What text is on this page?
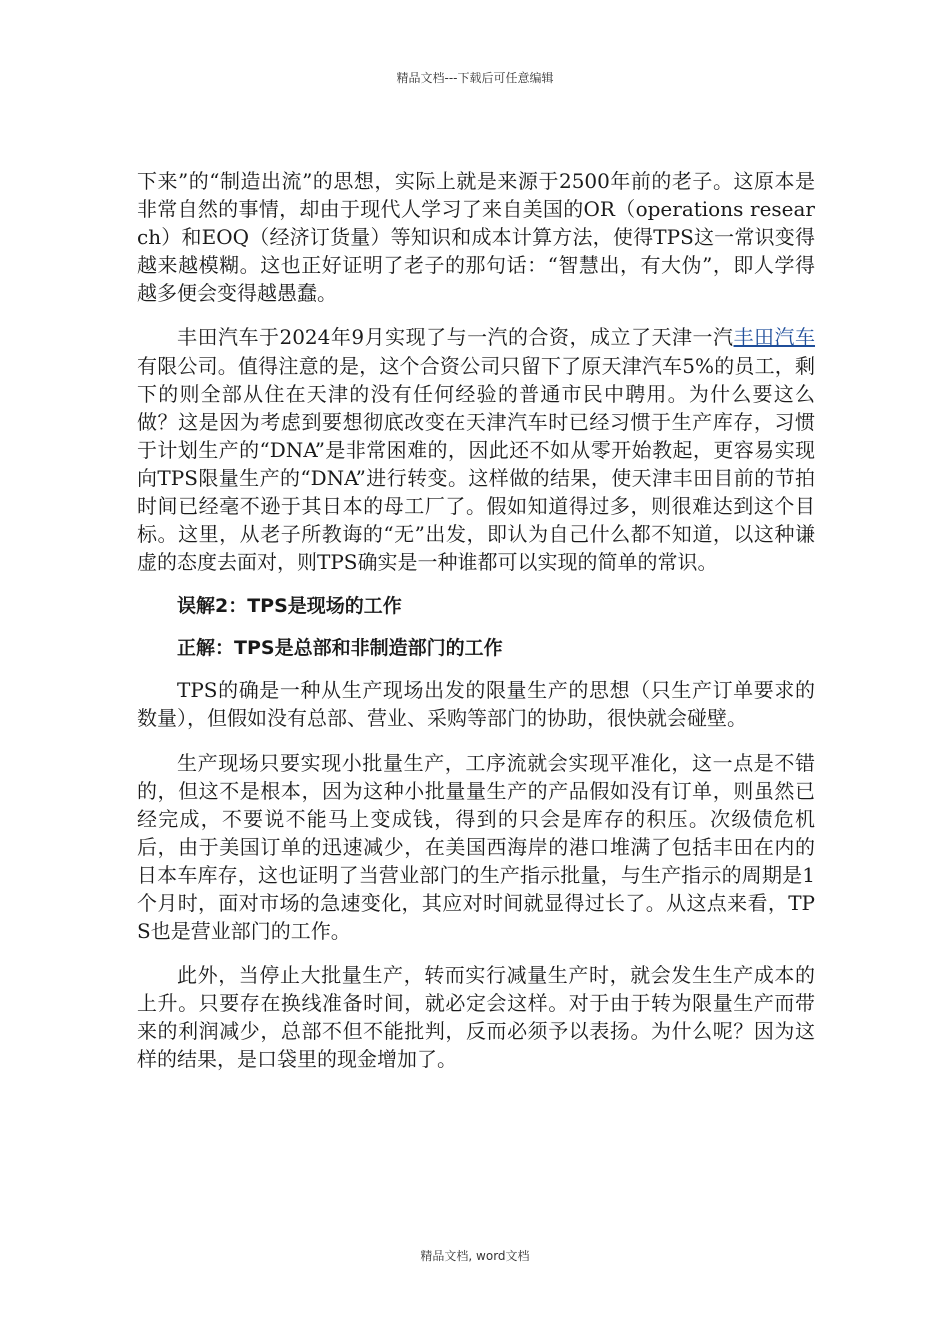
精品文档---下载后可任意编辑

下来”的“制造出流”的思想，实际上就是来源于2500年前的老子。这原本是非常自然的事情，却由于现代人学习了来自美国的OR（operations research）和EOQ（经济订货量）等知识和成本计算方法，使得TPS这一常识变得越来越模糊。这也正好证明了老子的那句话：“智慧出，有大伪”，即人学得越多便会变得越愚蠢。

丰田汽车于2024年9月实现了与一汽的合资，成立了天津一汽丰田汽车有限公司。值得注意的是，这个合资公司只留下了原天津汽车5%的员工，剩下的则全部从住在天津的没有任何经验的普通市民中聘用。为什么要这么做？这是因为考虑到要想彻底改变在天津汽车时已经习惯于生产库存，习惯于计划生产的“DNA”是非常困难的，因此还不如从零开始教起，更容易实现向TPS限量生产的“DNA”进行转变。这样做的结果，使天津丰田目前的节拍时间已经毫不逊于其日本的母工厂了。假如知道得过多，则很难达到这个目标。这里，从老子所教诲的“无”出发，即认为自己什么都不知道，以这种谦虚的态度去面对，则TPS确实是一种谁都可以实现的简单的常识。

误解2：TPS是现场的工作
正解：TPS是总部和非制造部门的工作

TPS的确是一种从生产现场出发的限量生产的思想（只生产订单要求的数量），但假如没有总部、营业、采购等部门的协助，很快就会碰壁。

生产现场只要实现小批量生产，工序流就会实现平准化，这一点是不错的，但这不是根本，因为这种小批量量生产的产品假如没有订单，则虽然已经完成，不要说不能马上变成钱，得到的只会是库存的积压。次级债危机后，由于美国订单的迅速减少，在美国西海岸的港口堆满了包括丰田在内的日本车库存，这也证明了当营业部门的生产指示批量，与生产指示的周期是1个月时，面对市场的急速变化，其应对时间就显得过长了。从这点来看，TPS也是营业部门的工作。

此外，当停止大批量生产，转而实行减量生产时，就会发生生产成本的上升。只要存在换线准备时间，就必定会这样。对于由于转为限量生产而带来的利润减少，总部不但不能批判，反而必须予以表扬。为什么呢？因为这样的结果，是口袋里的现金增加了。

精品文档, word文档
